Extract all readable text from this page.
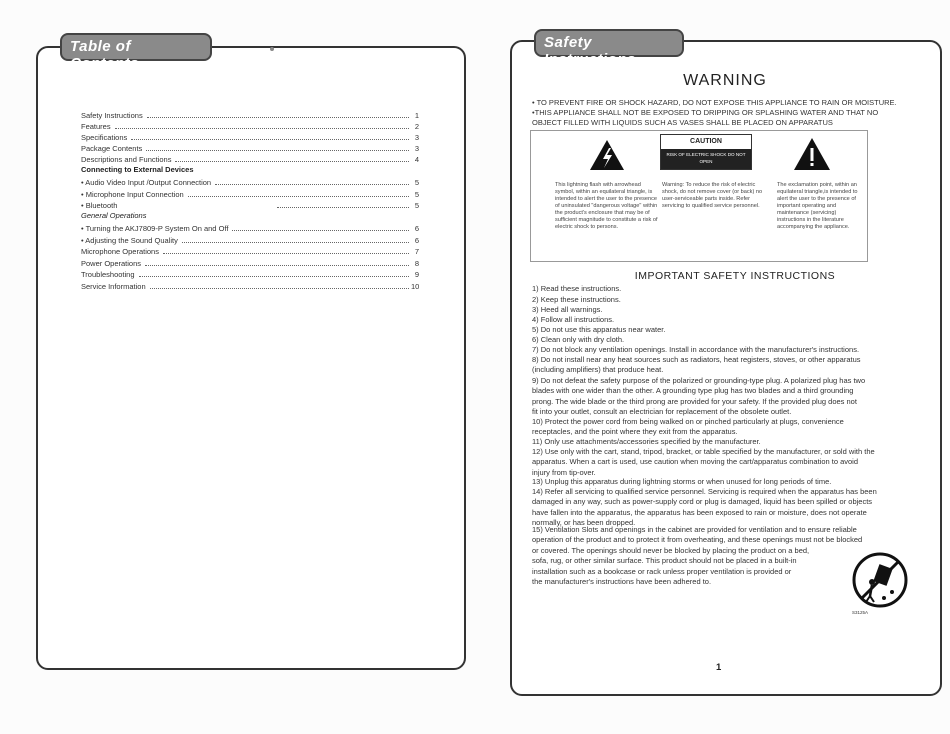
Table of Contents
Safety Instructions	1
Features	2
Specifications	3
Package Contents	3
Descriptions and Functions	4
Connecting to External Devices
• Audio Video Input /Output Connection	5
• Microphone Input Connection	5
• Bluetooth	5
General Operations
• Turning the AKJ7809-P System On and Off	6
• Adjusting the Sound Quality	6
Microphone Operations	7
Power Operations	8
Troubleshooting	9
Service Information	10
Safety Instructions
WARNING
• TO PREVENT FIRE OR SHOCK HAZARD, DO NOT EXPOSE THIS APPLIANCE TO RAIN OR MOISTURE.
•THIS APPLIANCE SHALL NOT BE EXPOSED TO DRIPPING OR SPLASHING WATER AND THAT NO
OBJECT FILLED WITH LIQUIDS SUCH AS VASES SHALL BE PLACED ON APPARATUS
This lightning flash with arrowhead symbol, within an equilateral triangle, is intended to alert the user to the presence of uninsulated "dangerous voltage" within the product's enclosure that may be of sufficient magnitude to constitute a risk of electric shock to persons.
Warning: To reduce the risk of electric shock, do not remove cover (or back) no user-serviceable parts inside. Refer servicing to qualified service personnel.
The exclamation point, within an equilateral triangle,is intended to alert the user to the presence of important operating and maintenance (servicing) instructions in the literature accompanying the appliance.
CAUTION
RISK OF ELECTRIC SHOCK DO NOT OPEN
IMPORTANT SAFETY INSTRUCTIONS
1) Read these instructions.
2) Keep these instructions.
3) Heed all warnings.
4) Follow all instructions.
5) Do not use this apparatus near water.
6) Clean only with dry cloth.
7) Do not block any ventilation openings. Install in accordance with the manufacturer's instructions.
8) Do not install near any heat sources such as radiators, heat registers, stoves, or other apparatus
(including amplifiers) that produce heat.
9) Do not defeat the safety purpose of the polarized or grounding-type plug. A polarized plug has two
blades with one wider than the other. A grounding type plug has two blades and a third grounding
prong. The wide blade or the third prong are provided for your safety. If the provided plug does not
fit into your outlet, consult an electrician for replacement of the obsolete outlet.
10) Protect the power cord from being walked on or pinched particularly at plugs, convenience
receptacles, and the point where they exit from the apparatus.
11) Only use attachments/accessories specified by the manufacturer.
12) Use only with the cart, stand, tripod, bracket, or table specified by the manufacturer, or sold with the
apparatus. When a cart is used, use caution when moving the cart/apparatus combination to avoid
injury from tip-over.
13) Unplug this apparatus during lightning storms or when unused for long periods of time.
14) Refer all servicing to qualified service personnel. Servicing is required when the apparatus has been
damaged in any way, such as power-supply cord or plug is damaged, liquid has been spilled or objects
have fallen into the apparatus, the apparatus has been exposed to rain or moisture, does not operate
normally, or has been dropped.
15) Ventilation Slots and openings in the cabinet are provided for ventilation and to ensure reliable
operation of the product and to protect it from overheating, and these openings must not be blocked
or covered. The openings should never be blocked by placing the product on a bed,
sofa, rug, or other similar surface. This product should not be placed in a built-in
installation such as a bookcase or rack unless proper ventilation is provided or
the manufacturer's instructions have been adhered to.
S3125A
1
